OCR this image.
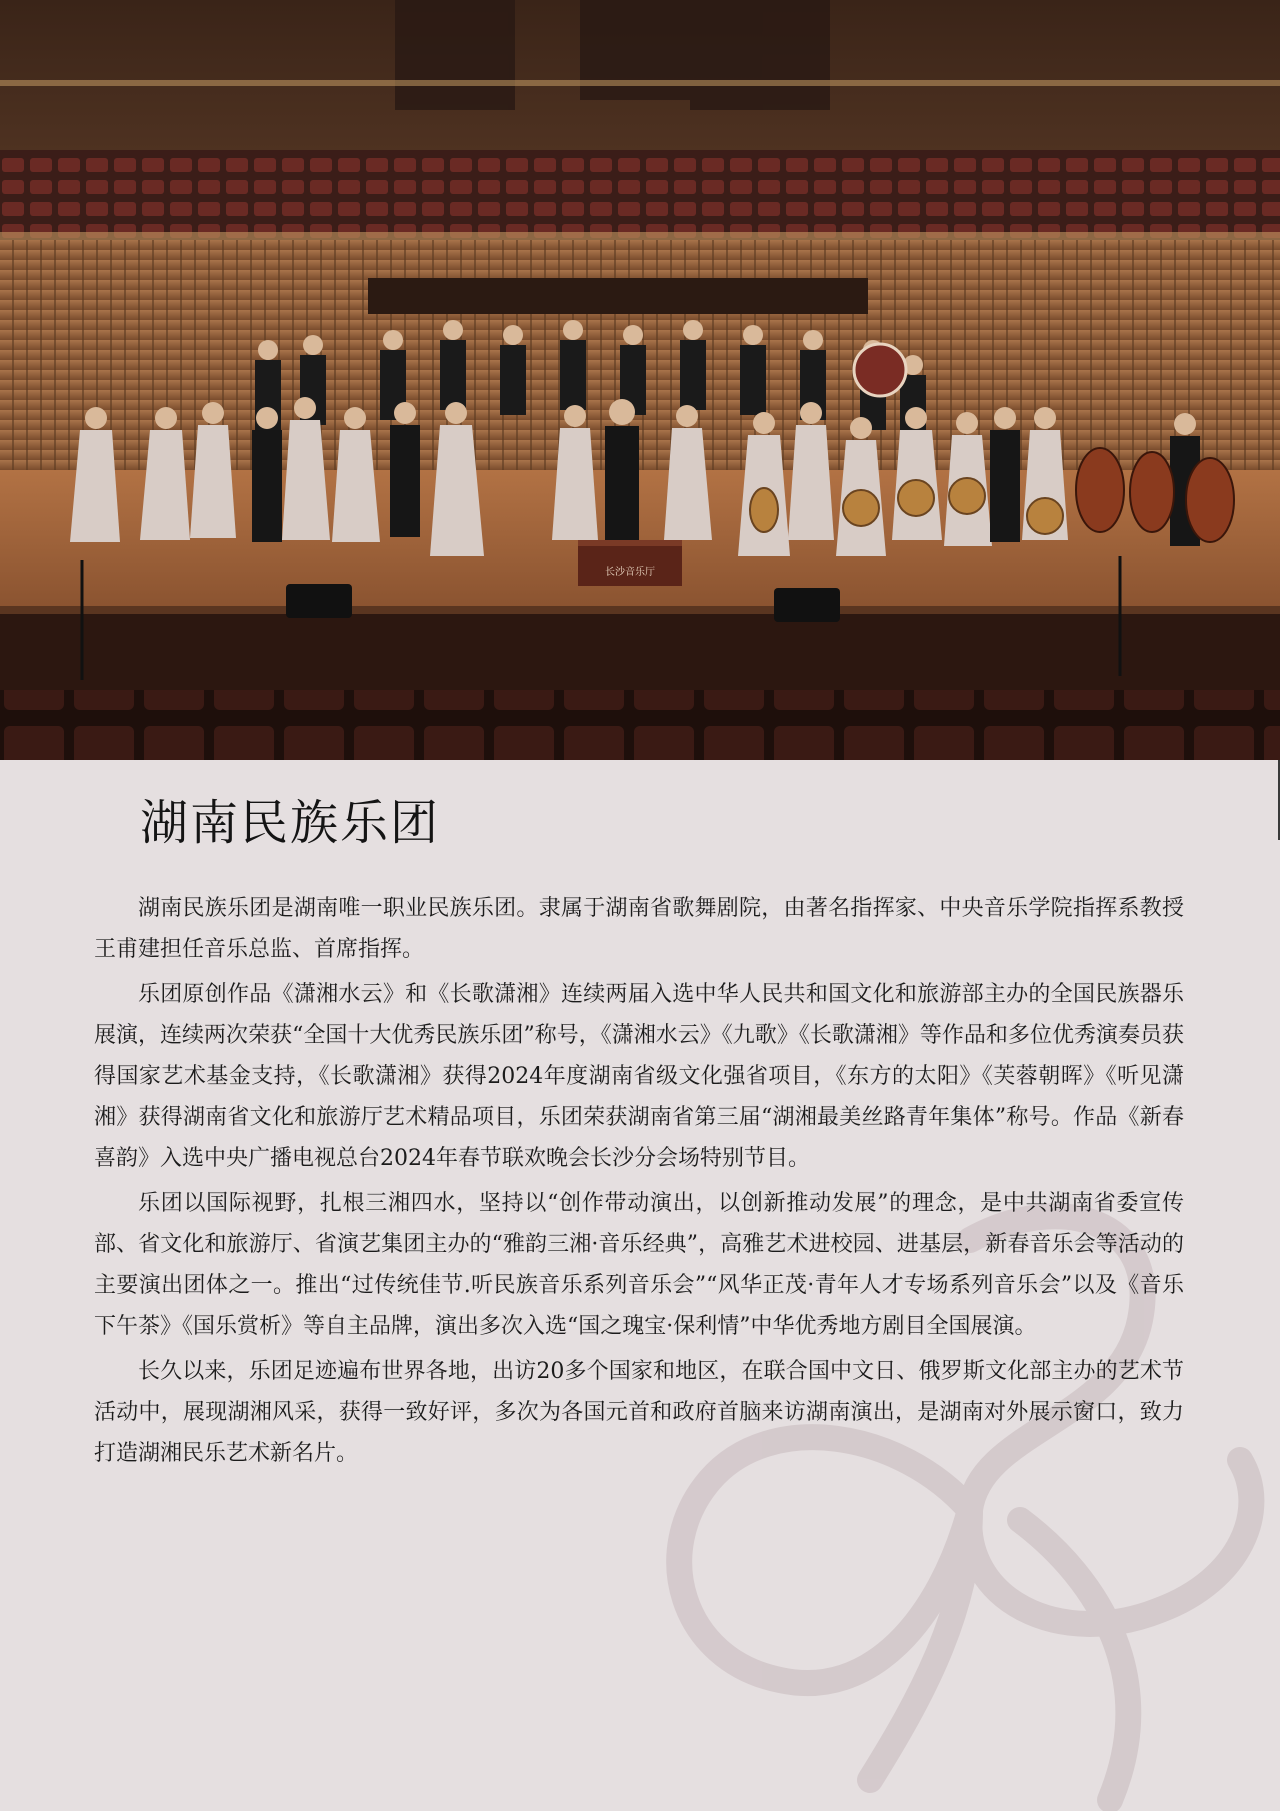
长沙音乐厅
湖南民族乐团

湖南民族乐团是湖南唯一职业民族乐团。隶属于湖南省歌舞剧院，由著名指挥家、中央音乐学院指挥系教授王甫建担任音乐总监、首席指挥。

乐团原创作品《潇湘水云》和《长歌潇湘》连续两届入选中华人民共和国文化和旅游部主办的全国民族器乐展演，连续两次荣获“全国十大优秀民族乐团”称号，《潇湘水云》《九歌》《长歌潇湘》等作品和多位优秀演奏员获得国家艺术基金支持，《长歌潇湘》获得2024年度湖南省级文化强省项目，《东方的太阳》《芙蓉朝晖》《听见潇湘》获得湖南省文化和旅游厅艺术精品项目，乐团荣获湖南省第三届“湖湘最美丝路青年集体”称号。作品《新春喜韵》入选中央广播电视总台2024年春节联欢晚会长沙分会场特别节目。

乐团以国际视野，扎根三湘四水，坚持以“创作带动演出，以创新推动发展”的理念，是中共湖南省委宣传部、省文化和旅游厅、省演艺集团主办的“雅韵三湘·音乐经典”，高雅艺术进校园、进基层，新春音乐会等活动的主要演出团体之一。推出“过传统佳节.听民族音乐系列音乐会”“风华正茂·青年人才专场系列音乐会”以及《音乐下午茶》《国乐赏析》等自主品牌，演出多次入选“国之瑰宝·保利情”中华优秀地方剧目全国展演。

长久以来，乐团足迹遍布世界各地，出访20多个国家和地区，在联合国中文日、俄罗斯文化部主办的艺术节活动中，展现湖湘风采，获得一致好评，多次为各国元首和政府首脑来访湖南演出，是湖南对外展示窗口，致力打造湖湘民乐艺术新名片。
